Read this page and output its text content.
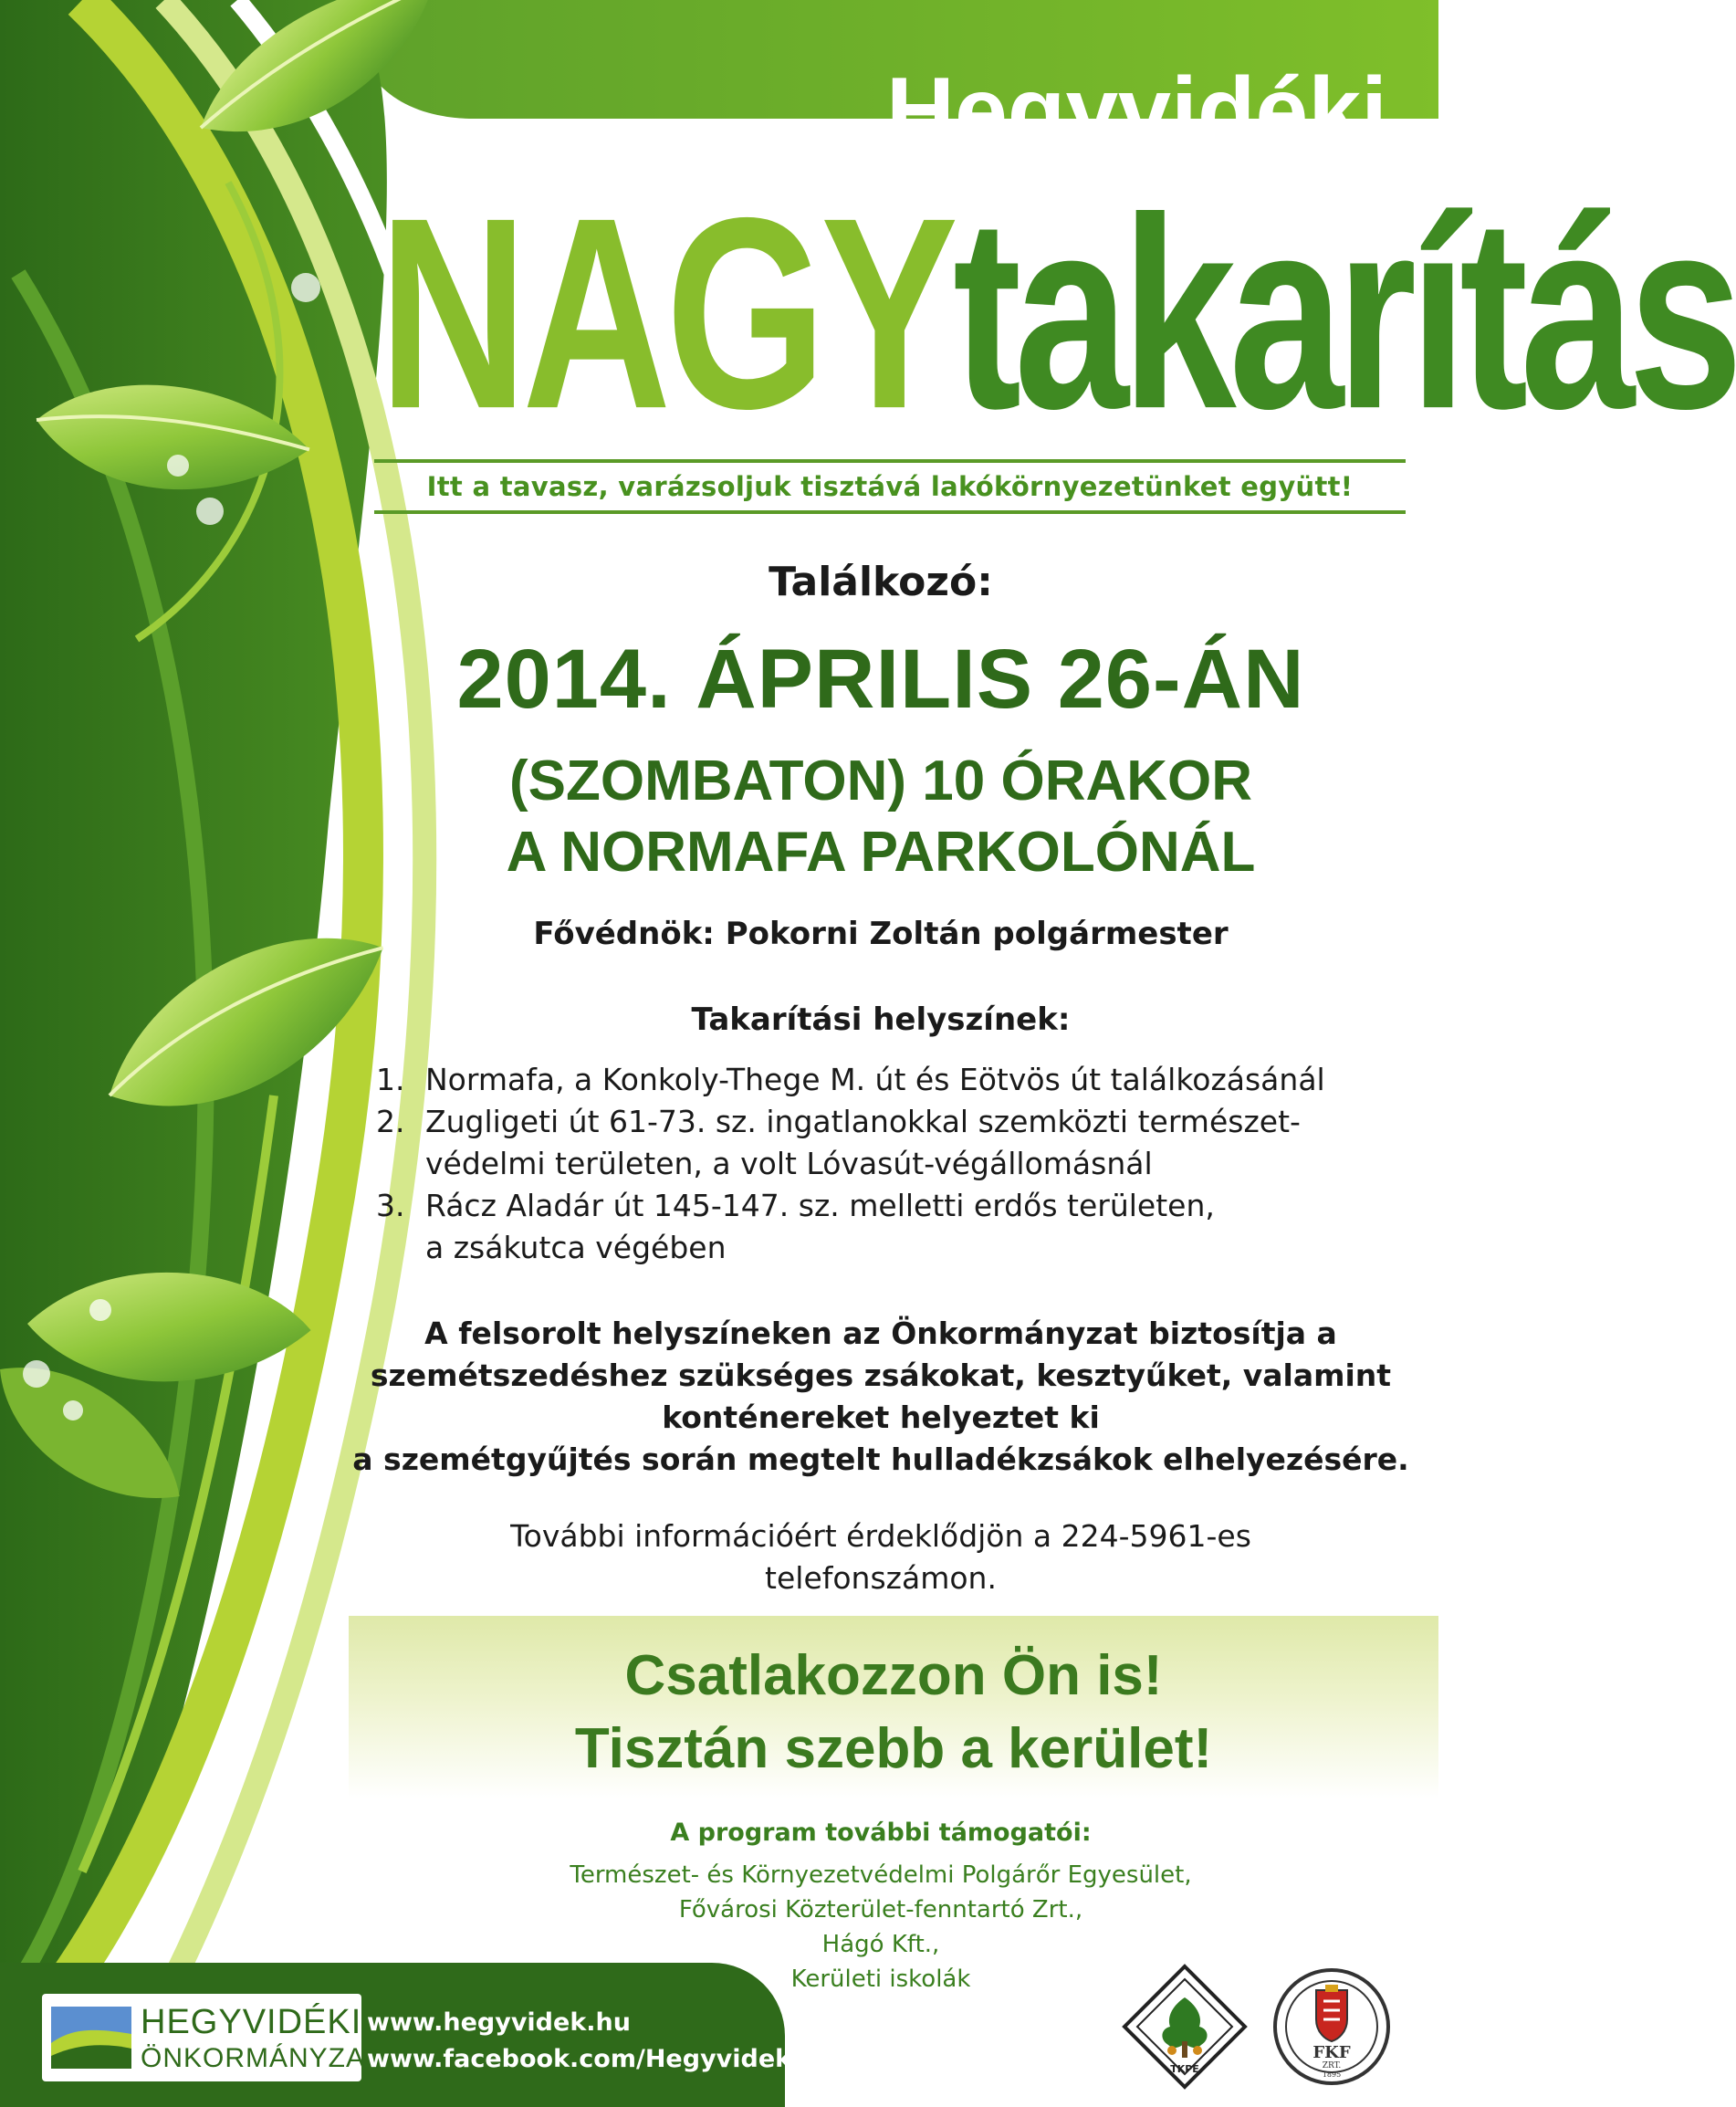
Hegyvidéki
NAGYtakarítás
Itt a tavasz, varázsoljuk tisztává lakókörnyezetünket együtt!

Találkozó:

2014. ÁPRILIS 26-ÁN

(SZOMBATON) 10 ÓRAKOR

A NORMAFA PARKOLÓNÁL

Fővédnök: Pokorni Zoltán polgármester

Takarítási helyszínek:

1. Normafa, a Konkoly-Thege M. út és Eötvös út találkozásánál
2. Zugligeti út 61-73. sz. ingatlanokkal szemközti természet-
védelmi területen, a volt Lóvasút-végállomásnál
3. Rácz Aladár út 145-147. sz. melletti erdős területen,
a zsákutca végében

A felsorolt helyszíneken az Önkormányzat biztosítja a
szemétszedéshez szükséges zsákokat, kesztyűket, valamint
konténereket helyeztet ki
a szemétgyűjtés során megtelt hulladékzsákok elhelyezésére.

További információért érdeklődjön a 224-5961-es
telefonszámon.

Csatlakozzon Ön is!

Tisztán szebb a kerület!

A program további támogatói:

Természet- és Környezetvédelmi Polgárőr Egyesület,
Fővárosi Közterület-fenntartó Zrt.,
Hágó Kft.,
Kerületi iskolák

HEGYVIDÉKI
ÖNKORMÁNYZAT
www.hegyvidek.hu
www.facebook.com/Hegyvidek	TKPE
FKF
ZRT.
1895
